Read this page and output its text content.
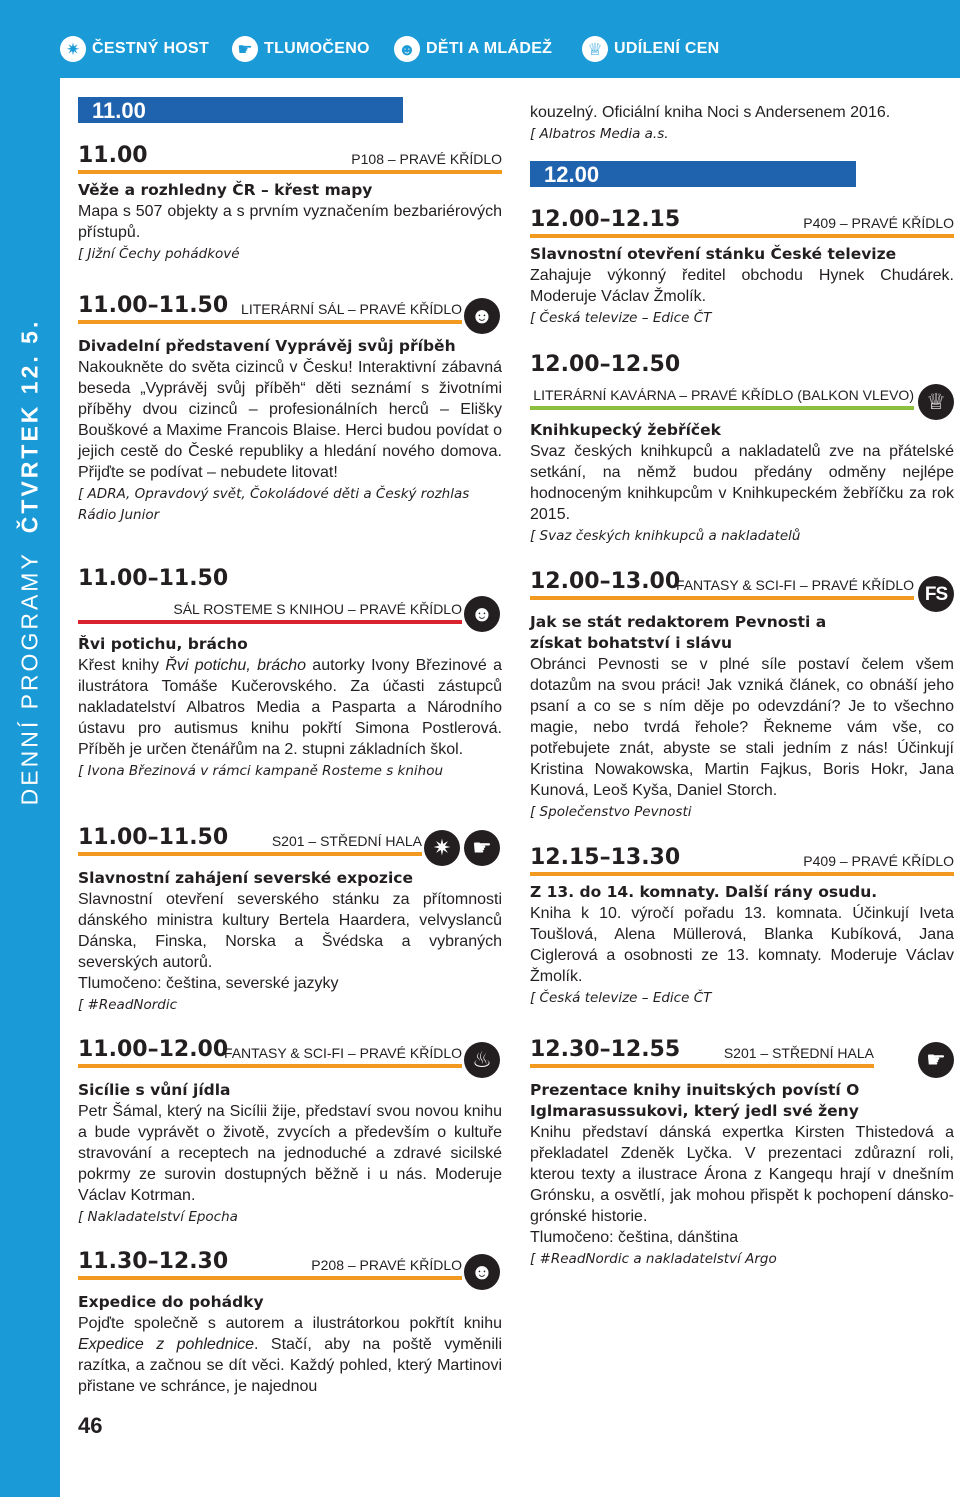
✷ ČESTNÝ HOST	☛ TLUMOČENO ☻ DĚTI A MLÁDEŽ	♕ UDÍLENÍ CEN
DENNÍ PROGRAMYČTVRTEK 12. 5.
11.00
11.00	P108 – PRAVÉ KŘÍDLO
Věže a rozhledny ČR – křest mapy
Mapa s 507 objekty a s prvním vyznačením bezbariérových přístupů.
[ Jižní Čechy pohádkové
11.00–11.50 LITERÁRNÍ SÁL – PRAVÉ KŘÍDLO ☻
Divadelní představení Vyprávěj svůj příběh
Nakoukněte do světa cizinců v Česku! Interaktivní zábavná beseda „Vyprávěj svůj příběh“ děti seznámí s životními příběhy dvou cizinců – profesionálních herců – Elišky Bouškové a Maxime Francois Blaise. Herci budou povídat o jejich cestě do České republiky a hledání nového domova. Přijďte se podívat – nebudete litovat!
[ ADRA, Opravdový svět, Čokoládové děti a Český rozhlas Rádio Junior
11.00–11.50
SÁL ROSTEME S KNIHOU – PRAVÉ KŘÍDLO ☻
Řvi potichu, brácho
Křest knihy Řvi potichu, brácho autorky Ivony Březinové a ilustrátora Tomáše Kučerovského. Za účasti zástupců nakladatelství Albatros Media a Pasparta a Národního ústavu pro autismus knihu pokřtí Simona Postlerová. Příběh je určen čtenářům na 2. stupni základních škol.
[ Ivona Březinová v rámci kampaně Rosteme s knihou
11.00–11.50	S201 – STŘEDNÍ HALA ✷ ☛
Slavnostní zahájení severské expozice
Slavnostní otevření severského stánku za přítomnosti dánského ministra kultury Bertela Haardera, velvyslanců Dánska, Finska, Norska a Švédska a vybraných severských autorů.
Tlumočeno: čeština, severské jazyky
[ #ReadNordic
11.00–12.00
FANTASY & SCI-FI – PRAVÉ KŘÍDLO ♨
Sicílie s vůní jídla
Petr Šámal, který na Sicílii žije, představí svou novou knihu a bude vyprávět o životě, zvycích a především o kultuře stravování a receptech na jednoduché a zdravé sicilské pokrmy ze surovin dostupných běžně i u nás. Moderuje Václav Kotrman.
[ Nakladatelství Epocha
11.30–12.30	P208 – PRAVÉ KŘÍDLO ☻
Expedice do pohádky
Pojďte společně s autorem a ilustrátorkou pokřtít knihu Expedice z pohlednice. Stačí, aby na poště vyměnili razítka, a začnou se dít věci. Každý pohled, který Martinovi přistane ve schránce, je najednou
46
kouzelný. Oficiální kniha Noci s Andersenem 2016.
[ Albatros Media a.s.
12.00
12.00–12.15	P409 – PRAVÉ KŘÍDLO
Slavnostní otevření stánku České televize
Zahajuje výkonný ředitel obchodu Hynek Chudárek. Moderuje Václav Žmolík.
[ Česká televize – Edice ČT
12.00–12.50
LITERÁRNÍ KAVÁRNA – PRAVÉ KŘÍDLO (BALKON VLEVO) ♕
Knihkupecký žebříček
Svaz českých knihkupců a nakladatelů zve na přátelské setkání, na němž budou předány odměny nejlépe hodnoceným knihkupcům v Knihkupeckém žebříčku za rok 2015.
[ Svaz českých knihkupců a nakladatelů
12.00–13.00
FANTASY & SCI-FI – PRAVÉ KŘÍDLO FS
Jak se stát redaktorem Pevnosti a získat bohatství i slávu
Obránci Pevnosti se v plné síle postaví čelem všem dotazům na svou práci! Jak vzniká článek, co obnáší jeho psaní a co se s ním děje po odevzdání? Je to všechno magie, nebo tvrdá řehole? Řekneme vám vše, co potřebujete znát, abyste se stali jedním z nás! Účinkují Kristina Nowakowska, Martin Fajkus, Boris Hokr, Jana Kunová, Leoš Kyša, Daniel Storch.
[ Společenstvo Pevnosti
12.15–13.30	P409 – PRAVÉ KŘÍDLO
Z 13. do 14. komnaty. Další rány osudu.
Kniha k 10. výročí pořadu 13. komnata. Účinkují Iveta Toušlová, Alena Müllerová, Blanka Kubíková, Jana Ciglerová a osobnosti ze 13. komnaty. Moderuje Václav Žmolík.
[ Česká televize – Edice ČT
12.30–12.55	S201 – STŘEDNÍ HALA	☛
Prezentace knihy inuitských povístí O Iglmarasussukovi, který jedl své ženy
Knihu představí dánská expertka Kirsten Thistedová a překladatel Zdeněk Lyčka. V prezentaci zdůrazní roli, kterou texty a ilustrace Árona z Kangequ hrají v dnešním Grónsku, a osvětlí, jak mohou přispět k pochopení dánsko-grónské historie.
Tlumočeno: čeština, dánština
[ #ReadNordic a nakladatelství Argo
